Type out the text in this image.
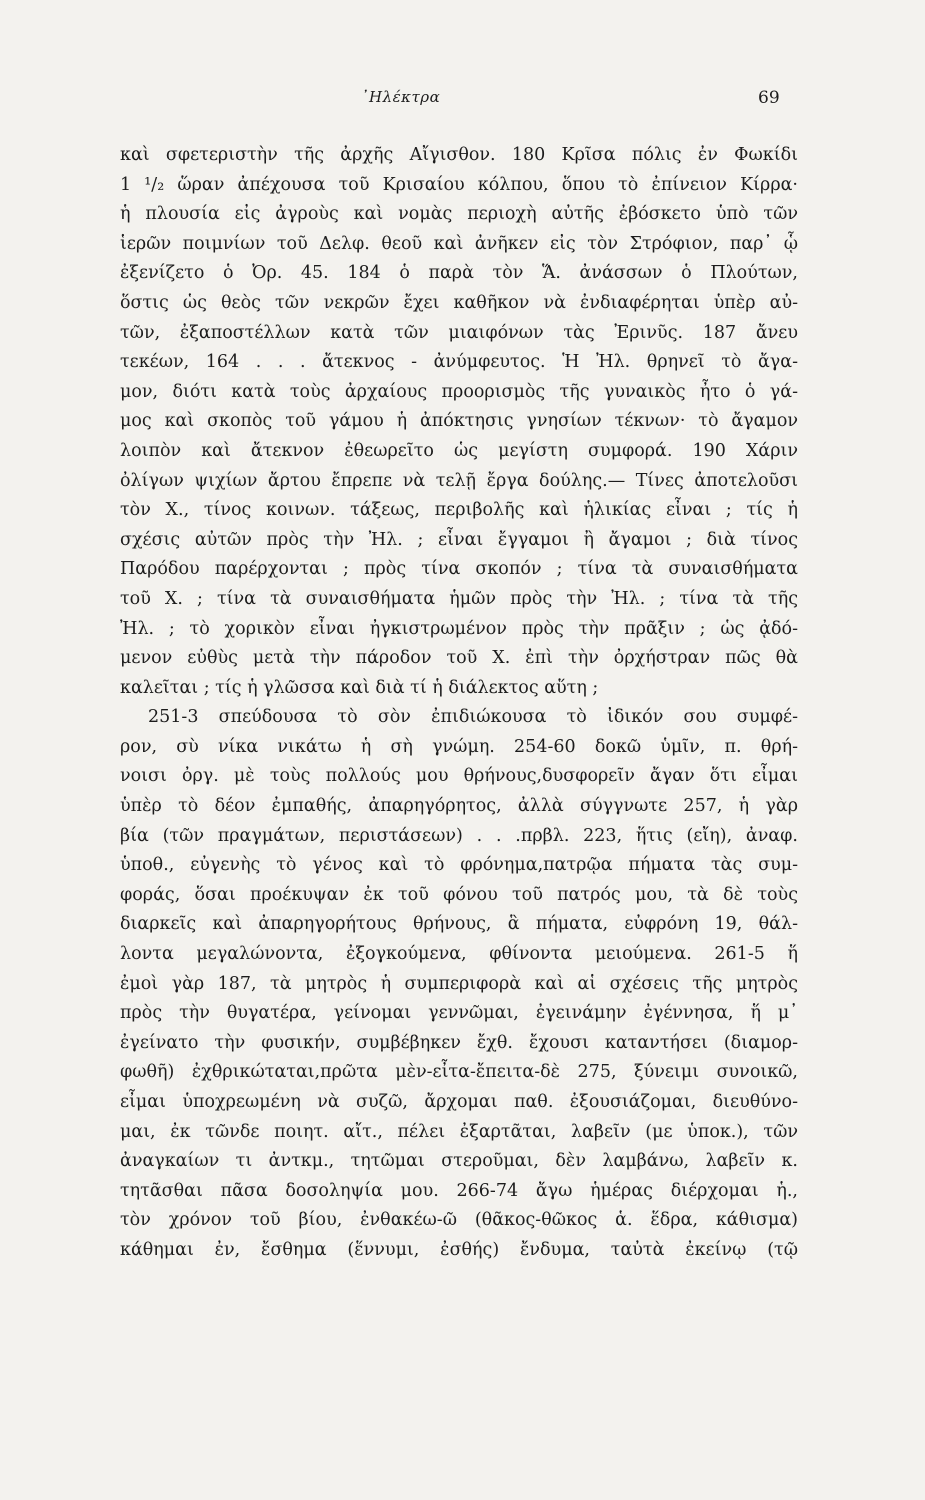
᾽Ηλέκτρα	69
καὶ σφετεριστὴν τῆς ἀρχῆς Αἴγισθον. 180 Κρῖσα πόλις ἐν Φωκίδι
1 ¹/₂ ὥραν ἀπέχουσα τοῦ Κρισαίου κόλπου, ὅπου τὸ ἐπίνειον Κίρρα·
ἡ πλουσία εἰς ἀγροὺς καὶ νομὰς περιοχὴ αὐτῆς ἐβόσκετο ὑπὸ τῶν
ἱερῶν ποιμνίων τοῦ Δελφ. θεοῦ καὶ ἀνῆκεν εἰς τὸν Στρόφιον, παρ᾽ ᾧ
ἐξενίζετο ὁ Ὀρ. 45. 184 ὁ παρὰ τὸν Ἅ. ἀνάσσων ὁ Πλούτων,
ὅστις ὡς θεὸς τῶν νεκρῶν ἔχει καθῆκον νὰ ἐνδιαφέρηται ὑπὲρ αὐ-
τῶν, ἐξαποστέλλων κατὰ τῶν μιαιφόνων τὰς Ἐρινῦς. 187 ἄνευ
τεκέων, 164 . . . ἄτεκνος - ἀνύμφευτος. Ἡ Ἠλ. θρηνεῖ τὸ ἄγα-
μον, διότι κατὰ τοὺς ἀρχαίους προορισμὸς τῆς γυναικὸς ἦτο ὁ γά-
μος καὶ σκοπὸς τοῦ γάμου ἡ ἀπόκτησις γνησίων τέκνων· τὸ ἄγαμον
λοιπὸν καὶ ἄτεκνον ἐθεωρεῖτο ὡς μεγίστη συμφορά. 190 Χάριν
ὀλίγων ψιχίων ἄρτου ἔπρεπε νὰ τελῇ ἔργα δούλης.— Τίνες ἀποτελοῦσι
τὸν Χ., τίνος κοινων. τάξεως, περιβολῆς καὶ ἡλικίας εἶναι ; τίς ἡ
σχέσις αὐτῶν πρὸς τὴν Ἠλ. ; εἶναι ἔγγαμοι ἢ ἄγαμοι ; διὰ τίνος
Παρόδου παρέρχονται ; πρὸς τίνα σκοπόν ; τίνα τὰ συναισθήματα
τοῦ Χ. ; τίνα τὰ συναισθήματα ἡμῶν πρὸς τὴν Ἠλ. ; τίνα τὰ τῆς
Ἠλ. ; τὸ χορικὸν εἶναι ἠγκιστρωμένον πρὸς τὴν πρᾶξιν ; ὡς ᾀδό-
μενον εὐθὺς μετὰ τὴν πάροδον τοῦ Χ. ἐπὶ τὴν ὀρχήστραν πῶς θὰ
καλεῖται ; τίς ἡ γλῶσσα καὶ διὰ τί ἡ διάλεκτος αὕτη ;
251-3 σπεύδουσα τὸ σὸν ἐπιδιώκουσα τὸ ἰδικόν σου συμφέ-
ρον, σὺ νίκα νικάτω ἡ σὴ γνώμη. 254-60 δοκῶ ὑμῖν, π. θρή-
νοισι ὀργ. μὲ τοὺς πολλούς μου θρήνους,δυσφορεῖν ἄγαν ὅτι εἶμαι
ὑπὲρ τὸ δέον ἐμπαθής, ἀπαρηγόρητος, ἀλλὰ σύγγνωτε 257, ἡ γὰρ
βία (τῶν πραγμάτων, περιστάσεων) . . .πρβλ. 223, ἥτις (εἴη), ἀναφ.
ὑποθ., εὐγενὴς τὸ γένος καὶ τὸ φρόνημα,πατρῷα πήματα τὰς συμ-
φοράς, ὅσαι προέκυψαν ἐκ τοῦ φόνου τοῦ πατρός μου, τὰ δὲ τοὺς
διαρκεῖς καὶ ἀπαρηγορήτους θρήνους, ἃ πήματα, εὐφρόνη 19, θάλ-
λοντα μεγαλώνοντα, ἐξογκούμενα, φθίνοντα μειούμενα. 261-5 ἥ
ἐμοὶ γὰρ 187, τὰ μητρὸς ἡ συμπεριφορὰ καὶ αἱ σχέσεις τῆς μητρὸς
πρὸς τὴν θυγατέρα, γείνομαι γεννῶμαι, ἐγεινάμην ἐγέννησα, ἥ μ᾽
ἐγείνατο τὴν φυσικήν, συμβέβηκεν ἔχθ. ἔχουσι καταντήσει (διαμορ-
φωθῆ) ἐχθρικώταται,πρῶτα μὲν-εἶτα-ἔπειτα-δὲ 275, ξύνειμι συνοικῶ,
εἶμαι ὑποχρεωμένη νὰ συζῶ, ἄρχομαι παθ. ἐξουσιάζομαι, διευθύνο-
μαι, ἐκ τῶνδε ποιητ. αἴτ., πέλει ἐξαρτᾶται, λαβεῖν (με ὑποκ.), τῶν
ἀναγκαίων τι ἀντκμ., τητῶμαι στεροῦμαι, δὲν λαμβάνω, λαβεῖν κ.
τητᾶσθαι πᾶσα δοσοληψία μου. 266-74 ἄγω ἡμέρας διέρχομαι ἡ.,
τὸν χρόνον τοῦ βίου, ἐνθακέω-ῶ (θᾶκος-θῶκος ἁ. ἕδρα, κάθισμα)
κάθημαι ἐν, ἔσθημα (ἕννυμι, ἐσθής) ἔνδυμα, ταὐτὰ ἐκείνῳ (τῷ
